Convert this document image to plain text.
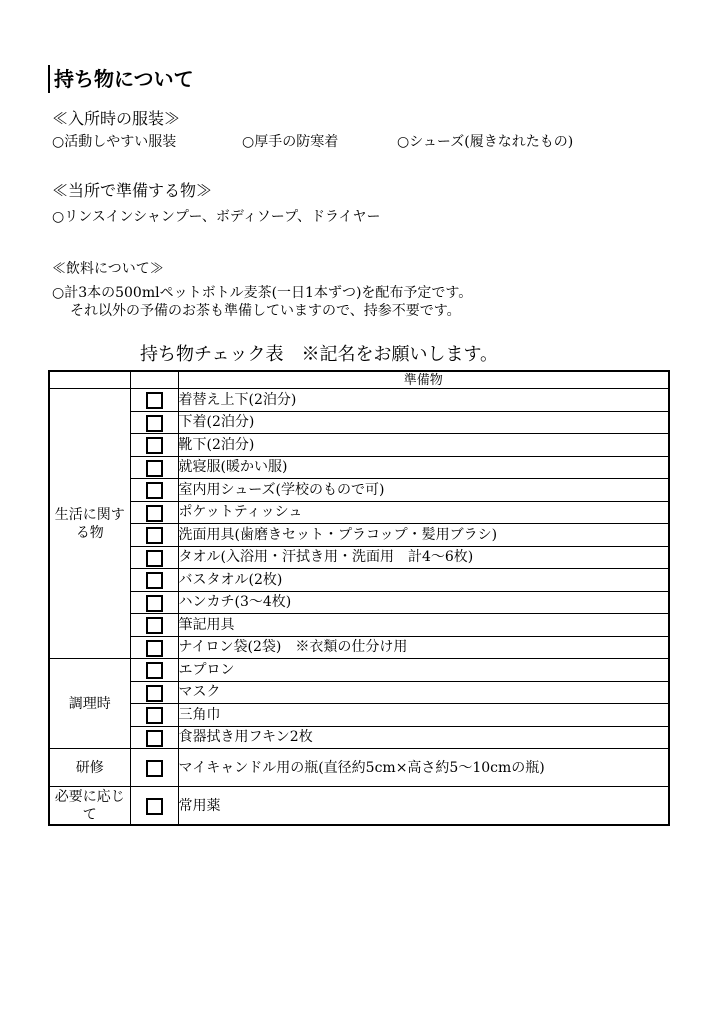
持ち物について
≪入所時の服装≫
○活動しやすい服装	○厚手の防寒着	○シューズ(履きなれたもの)
≪当所で準備する物≫
○リンスインシャンプー、ボディソープ、ドライヤー
≪飲料について≫
○計3本の500mlペットボトル麦茶(一日1本ずつ)を配布予定です。
それ以外の予備のお茶も準備していますので、持参不要です。
持ち物チェック表　※記名をお願いします。
		準備物
生活に関する物		着替え上下(2泊分)
		下着(2泊分)
		靴下(2泊分)
		就寝服(暖かい服)
		室内用シューズ(学校のもので可)
		ポケットティッシュ
		洗面用具(歯磨きセット・プラコップ・髪用ブラシ)
		タオル(入浴用・汗拭き用・洗面用　計4～6枚)
		バスタオル(2枚)
		ハンカチ(3～4枚)
		筆記用具
		ナイロン袋(2袋)　※衣類の仕分け用
調理時		エプロン
		マスク
		三角巾
		食器拭き用フキン2枚
研修		マイキャンドル用の瓶(直径約5cm×高さ約5～10cmの瓶)
必要に応じて		常用薬
